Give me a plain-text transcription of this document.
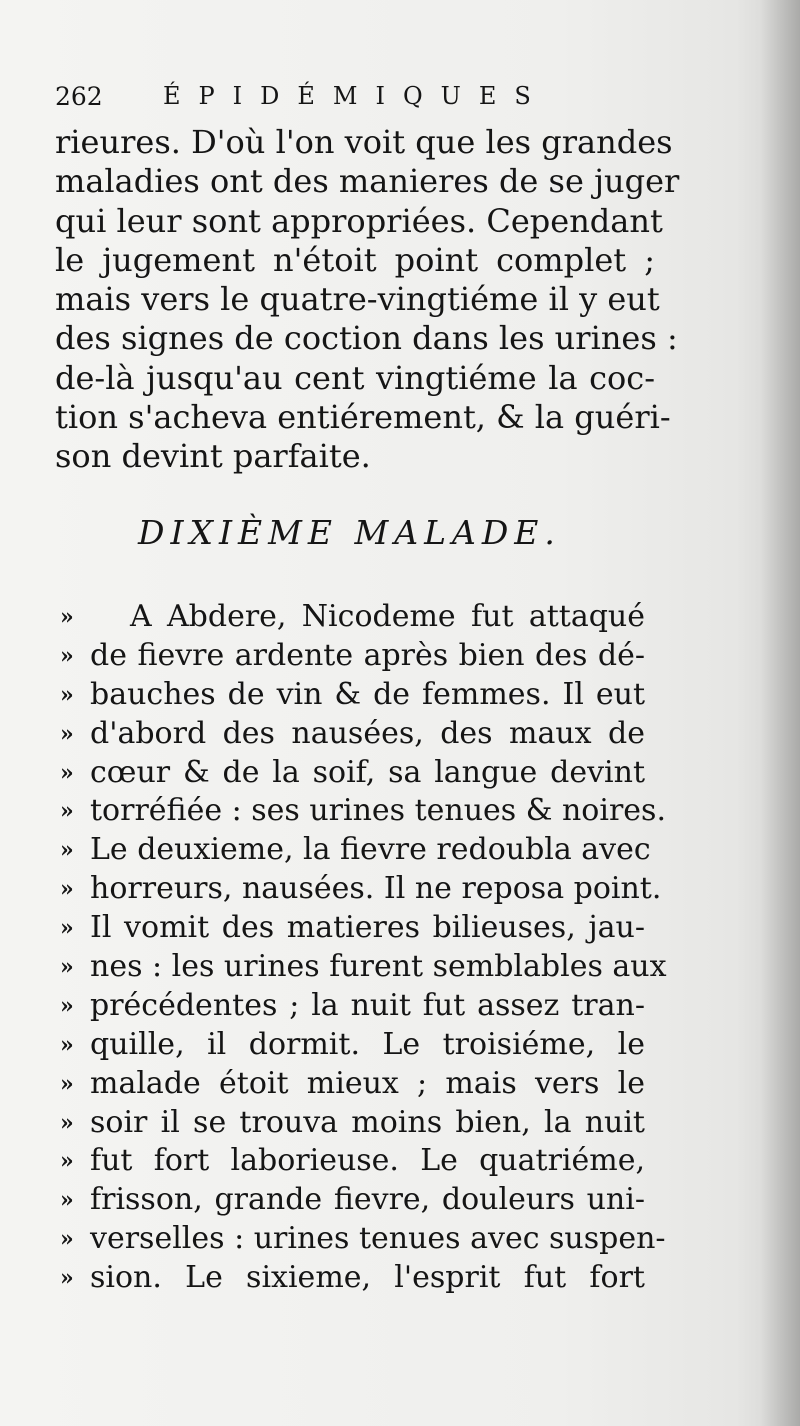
262	ÉPIDÉMIQUES
rieures. D'où l'on voit que les grandes
maladies ont des manieres de se juger
qui leur sont appropriées. Cependant
le jugement n'étoit point complet ;
mais vers le quatre-vingtiéme il y eut
des signes de coction dans les urines :
de-là jusqu'au cent vingtiéme la coc-
tion s'acheva entiérement, & la guéri-
son devint parfaite.
DIXIÈME MALADE.
» A Abdere, Nicodeme fut attaqué
» de fievre ardente après bien des dé-
» bauches de vin & de femmes. Il eut
» d'abord des nausées, des maux de
» cœur & de la soif, sa langue devint
» torréfiée : ses urines tenues & noires.
» Le deuxieme, la fievre redoubla avec
» horreurs, nausées. Il ne reposa point.
» Il vomit des matieres bilieuses, jau-
» nes : les urines furent semblables aux
» précédentes ; la nuit fut assez tran-
» quille, il dormit. Le troisiéme, le
» malade étoit mieux ; mais vers le
» soir il se trouva moins bien, la nuit
» fut fort laborieuse. Le quatriéme,
» frisson, grande fievre, douleurs uni-
» verselles : urines tenues avec suspen-
» sion. Le sixieme, l'esprit fut fort
